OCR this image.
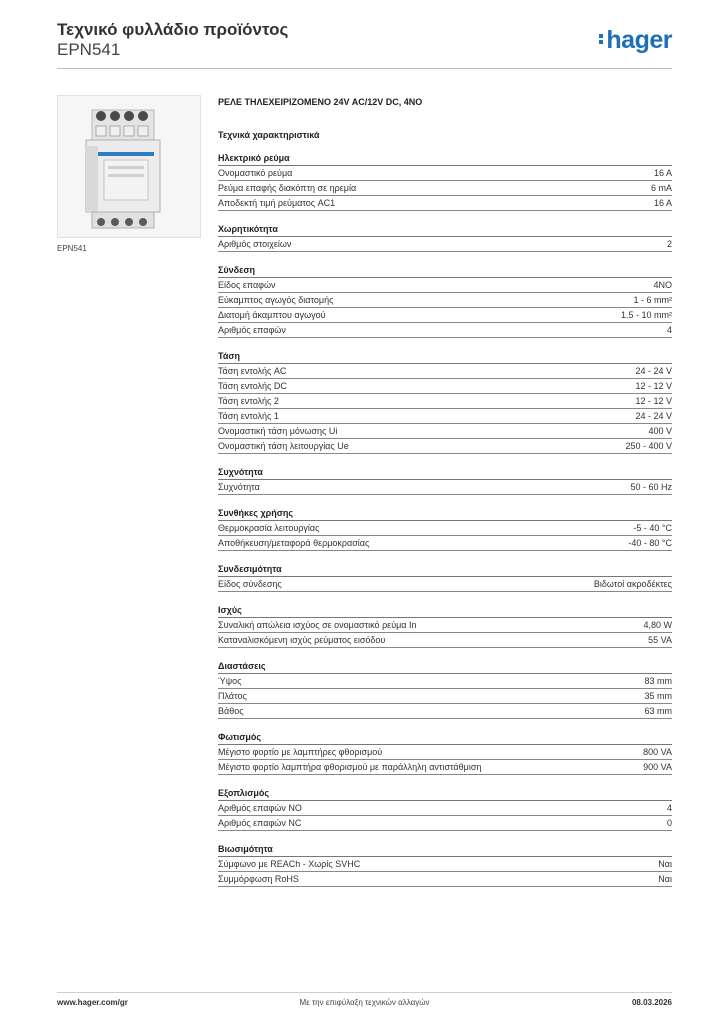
Τεχνικό φυλλάδιο προϊόντος
EPN541	hager
EPN541
ΡΕΛΕ ΤΗΛΕΧΕΙΡΙΖΟΜΕΝΟ 24V AC/12V DC, 4NO
Τεχνικά χαρακτηριστικά
Ηλεκτρικό ρεύμα
Ονομαστικό ρεύμα	16 A
Ρεύμα επαφής διακόπτη σε ηρεμία	6 mA
Αποδεκτή τιμή ρεύματος AC1	16 A
Χωρητικότητα
Αριθμός στοιχείων	2
Σύνδεση
Είδος επαφών	4NO
Εύκαμπτος αγωγός διατομής	1 - 6 mm²
Διατομή άκαμπτου αγωγού	1.5 - 10 mm²
Αριθμός επαφών	4
Τάση
Τάση εντολής AC	24 - 24 V
Τάση εντολής DC	12 - 12 V
Τάση εντολής 2	12 - 12 V
Τάση εντολής 1	24 - 24 V
Ονομαστική τάση μόνωσης Ui	400 V
Ονομαστική τάση λειτουργίας Ue	250 - 400 V
Συχνότητα
Συχνότητα	50 - 60 Hz
Συνθήκες χρήσης
Θερμοκρασία λειτουργίας	-5 - 40 °C
Αποθήκευση/μεταφορά θερμοκρασίας	-40 - 80 °C
Συνδεσιμότητα
Είδος σύνδεσης	Βιδωτοί ακροδέκτες
Ισχύς
Συναλική απώλεια ισχύος σε ονομαστικό ρεύμα In	4,80 W
Καταναλισκόμενη ισχύς ρεύματος εισόδου	55 VA
Διαστάσεις
Ύψος	83 mm
Πλάτος	35 mm
Βάθος	63 mm
Φωτισμός
Μέγιστο φορτίο με λαμπτήρες φθορισμού	800 VA
Μέγιστο φορτίο λαμπτήρα φθορισμού με παράλληλη αντιστάθμιση	900 VA
Εξοπλισμός
Αριθμός επαφών NO	4
Αριθμός επαφών NC	0
Βιωσιμότητα
Σύμφωνο με REACh - Χωρίς SVHC	Ναι
Συμμόρφωση RoHS	Ναι
www.hager.com/gr	Με την επιφύλαξη τεχνικών αλλαγών	08.03.2026
